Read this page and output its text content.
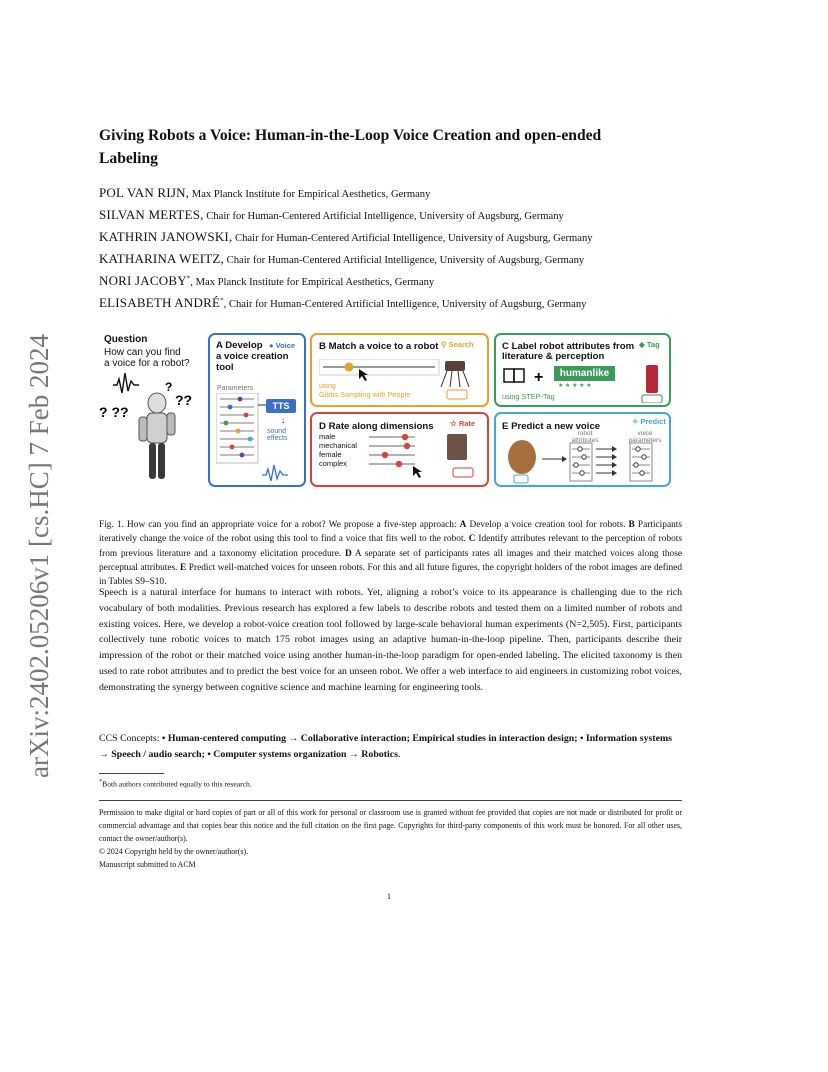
arXiv:2402.05206v1 [cs.HC] 7 Feb 2024
Giving Robots a Voice: Human-in-the-Loop Voice Creation and open-ended
Labeling
POL VAN RIJN, Max Planck Institute for Empirical Aesthetics, Germany
SILVAN MERTES, Chair for Human-Centered Artificial Intelligence, University of Augsburg, Germany
KATHRIN JANOWSKI, Chair for Human-Centered Artificial Intelligence, University of Augsburg, Germany
KATHARINA WEITZ, Chair for Human-Centered Artificial Intelligence, University of Augsburg, Germany
NORI JACOBY*, Max Planck Institute for Empirical Aesthetics, Germany
ELISABETH ANDRÉ*, Chair for Human-Centered Artificial Intelligence, University of Augsburg, Germany
Question
How can you find
a voice for a robot?
? ??
?
??
A Develop
a voice creation
tool
● Voice
Parameters
TTS
↓
sound
effects
B Match a voice to a robot ⚲ Search
using
Gibbs Sampling with People
C Label robot attributes from
literature & perception
◆ Tag
+	humanlike
★ ★ ★ ★ ★
using STEP-Tag
D Rate along dimensions ☆ Rate
male
mechanical
female
complex
E Predict a new voice	✧ Predict
robot
attributes
voice
parameters
Fig. 1. How can you find an appropriate voice for a robot? We propose a five-step approach: A Develop a voice creation tool for robots. B Participants iteratively change the voice of the robot using this tool to find a voice that fits well to the robot. C Identify attributes relevant to the perception of robots from previous literature and a taxonomy elicitation procedure. D A separate set of participants rates all images and their matched voices along those perceptual attributes. E Predict well-matched voices for unseen robots. For this and all future figures, the copyright holders of the robot images are defined in Tables S9–S10.
Speech is a natural interface for humans to interact with robots. Yet, aligning a robot’s voice to its appearance is challenging due to the rich vocabulary of both modalities. Previous research has explored a few labels to describe robots and tested them on a limited number of robots and existing voices. Here, we develop a robot-voice creation tool followed by large-scale behavioral human experiments (N=2,505). First, participants collectively tune robotic voices to match 175 robot images using an adaptive human-in-the-loop pipeline. Then, participants describe their impression of the robot or their matched voice using another human-in-the-loop paradigm for open-ended labeling. The elicited taxonomy is then used to rate robot attributes and to predict the best voice for an unseen robot. We offer a web interface to aid engineers in customizing robot voices, demonstrating the synergy between cognitive science and machine learning for engineering tools.
CCS Concepts: • Human-centered computing → Collaborative interaction; Empirical studies in interaction design; • Information systems → Speech / audio search; • Computer systems organization → Robotics.
*Both authors contributed equally to this research.
Permission to make digital or hard copies of part or all of this work for personal or classroom use is granted without fee provided that copies are not made or distributed for profit or commercial advantage and that copies bear this notice and the full citation on the first page. Copyrights for third-party components of this work must be honored. For all other uses, contact the owner/author(s).
© 2024 Copyright held by the owner/author(s).
Manuscript submitted to ACM
1
